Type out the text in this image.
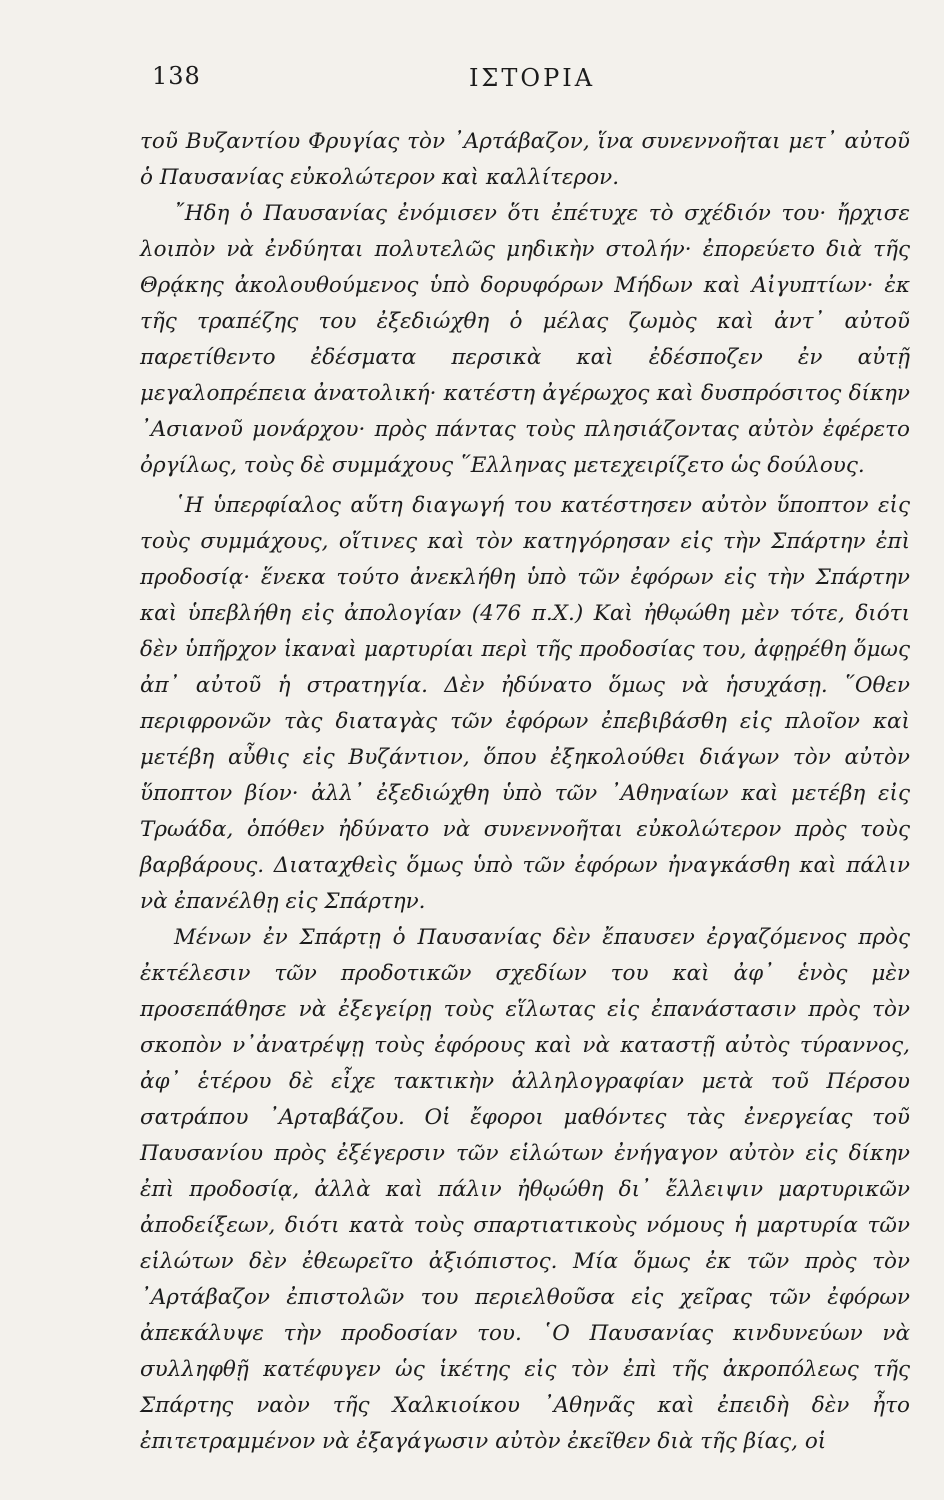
138	ΙΣΤΟΡΙΑ

τοῦ Βυζαντίου Φρυγίας τὸν ᾿Αρτάβαζον, ἵνα συνεννοῆται μετ᾿ αὐτοῦ ὁ Παυσανίας εὐκολώτερον καὶ καλλίτερον.

῎Ηδη ὁ Παυσανίας ἐνόμισεν ὅτι ἐπέτυχε τὸ σχέδιόν του· ἤρχισε λοιπὸν νὰ ἐνδύηται πολυτελῶς μηδικὴν στολήν· ἐπορεύετο διὰ τῆς Θρᾴκης ἀκολουθούμενος ὑπὸ δορυφόρων Μήδων καὶ Αἰγυπτίων· ἐκ τῆς τραπέζης του ἐξεδιώχθη ὁ μέλας ζωμὸς καὶ ἀντ᾿ αὐτοῦ παρετίθεντο ἐδέσματα περσικὰ καὶ ἐδέσποζεν ἐν αὐτῇ μεγαλοπρέπεια ἀνατολική· κατέστη ἀγέρωχος καὶ δυσπρόσιτος δίκην ᾿Ασιανοῦ μονάρχου· πρὸς πάντας τοὺς πλησιάζοντας αὐτὸν ἐφέρετο ὀργίλως, τοὺς δὲ συμμάχους ῞Ελληνας μετεχειρίζετο ὡς δούλους.

῾Η ὑπερφίαλος αὕτη διαγωγή του κατέστησεν αὐτὸν ὕποπτον εἰς τοὺς συμμάχους, οἵτινες καὶ τὸν κατηγόρησαν εἰς τὴν Σπάρτην ἐπὶ προδοσίᾳ· ἕνεκα τούτο ἀνεκλήθη ὑπὸ τῶν ἐφόρων εἰς τὴν Σπάρτην καὶ ὑπεβλήθη εἰς ἀπολογίαν (476 π.Χ.) Καὶ ἠθῳώθη μὲν τότε, διότι δὲν ὑπῆρχον ἱκαναὶ μαρτυρίαι περὶ τῆς προδοσίας του, ἀφῃρέθη ὅμως ἀπ᾿ αὐτοῦ ἡ στρατηγία. Δὲν ἠδύνατο ὅμως νὰ ἡσυχάσῃ. ῞Οθεν περιφρονῶν τὰς διαταγὰς τῶν ἐφόρων ἐπεβιβάσθη εἰς πλοῖον καὶ μετέβη αὖθις εἰς Βυζάντιον, ὅπου ἐξηκολούθει διάγων τὸν αὐτὸν ὕποπτον βίον· ἀλλ᾿ ἐξεδιώχθη ὑπὸ τῶν ᾿Αθηναίων καὶ μετέβη εἰς Τρωάδα, ὁπόθεν ἠδύνατο νὰ συνεννοῆται εὐκολώτερον πρὸς τοὺς βαρβάρους. Διαταχθεὶς ὅμως ὑπὸ τῶν ἐφόρων ἠναγκάσθη καὶ πάλιν νὰ ἐπανέλθῃ εἰς Σπάρτην.

Μένων ἐν Σπάρτῃ ὁ Παυσανίας δὲν ἔπαυσεν ἐργαζόμενος πρὸς ἐκτέλεσιν τῶν προδοτικῶν σχεδίων του καὶ ἀφ᾿ ἑνὸς μὲν προσεπάθησε νὰ ἐξεγείρῃ τοὺς εἵλωτας εἰς ἐπανάστασιν πρὸς τὸν σκοπὸν ν᾿ἀνατρέψῃ τοὺς ἐφόρους καὶ νὰ καταστῇ αὐτὸς τύραννος, ἀφ᾿ ἑτέρου δὲ εἶχε τακτικὴν ἀλληλογραφίαν μετὰ τοῦ Πέρσου σατράπου ᾿Αρταβάζου. Οἱ ἔφοροι μαθόντες τὰς ἐνεργείας τοῦ Παυσανίου πρὸς ἐξέγερσιν τῶν εἱλώτων ἐνήγαγον αὐτὸν εἰς δίκην ἐπὶ προδοσίᾳ, ἀλλὰ καὶ πάλιν ἠθῳώθη δι᾿ ἔλλειψιν μαρτυρικῶν ἀποδείξεων, διότι κατὰ τοὺς σπαρτιατικοὺς νόμους ἡ μαρτυρία τῶν εἱλώτων δὲν ἐθεωρεῖτο ἀξιόπιστος. Μία ὅμως ἐκ τῶν πρὸς τὸν ᾿Αρτάβαζον ἐπιστολῶν του περιελθοῦσα εἰς χεῖρας τῶν ἐφόρων ἀπεκάλυψε τὴν προδοσίαν του. ῾Ο Παυσανίας κινδυνεύων νὰ συλληφθῇ κατέφυγεν ὡς ἱκέτης εἰς τὸν ἐπὶ τῆς ἀκροπόλεως τῆς Σπάρτης ναὸν τῆς Χαλκιοίκου ᾿Αθηνᾶς καὶ ἐπειδὴ δὲν ἦτο ἐπιτετραμμένον νὰ ἐξαγάγωσιν αὐτὸν ἐκεῖθεν διὰ τῆς βίας, οἱ
